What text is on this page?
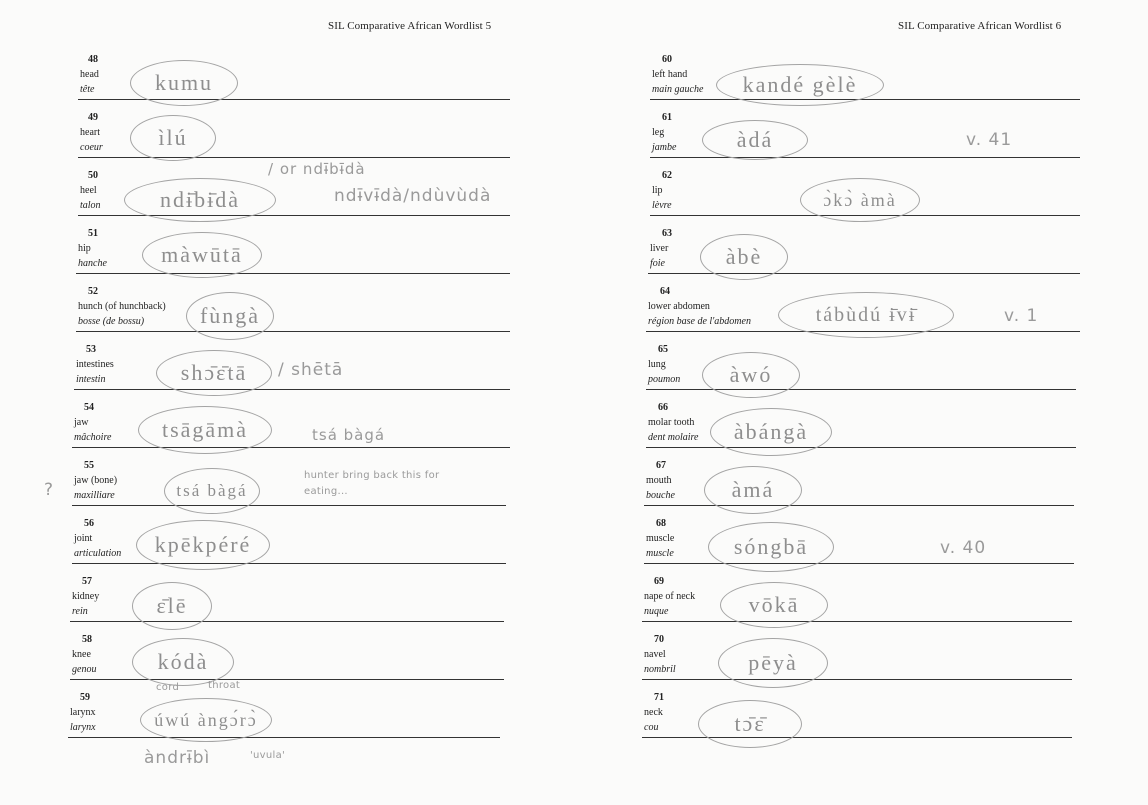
SIL Comparative African Wordlist 5
48
head
tête	kumu
49
heart
coeur	ìlú
50
heel
talon	ndɨ̄bɨ̄dà
/ or ndɨ̄bɨ̄dà
ndɨ̄vɨ̄dà/ndùvùdà
51
hip
hanche	màwūtā
52
hunch (of hunchback)
bosse (de bossu)	fùngà
53
intestines
intestin	shɔ̄ɛ̄tā	/ shētā
54
jaw
mâchoire	tsāgāmà	tsá bàgá
55
jaw (bone)
maxilliare	tsá bàgá
?
hunter bring back this for eating...
56
joint
articulation	kpēkpéré
57
kidney
rein	ɛ̄lē
58
knee
genou	kódà
cord	throat
59
larynx
larynx	úwú àngɔ́rɔ̀
àndrɨ̄bì	'uvula'
SIL Comparative African Wordlist 6
60
left hand
main gauche	kandé gèlè
61
leg
jambe	àdá	v. 41
62
lip
lèvre	ɔ̀kɔ̀ àmà
63
liver
foie	àbè
64
lower abdomen
région base de l'abdomen	tábùdú ɨ̄vɨ̄	v. 1
65
lung
poumon	àwó
66
molar tooth
dent molaire	àbángà
67
mouth
bouche	àmá
68
muscle
muscle	sóngbā	v. 40
69
nape of neck
nuque	vōkā
70
navel
nombril	pēyà
71
neck
cou	tɔ̄ɛ̄
